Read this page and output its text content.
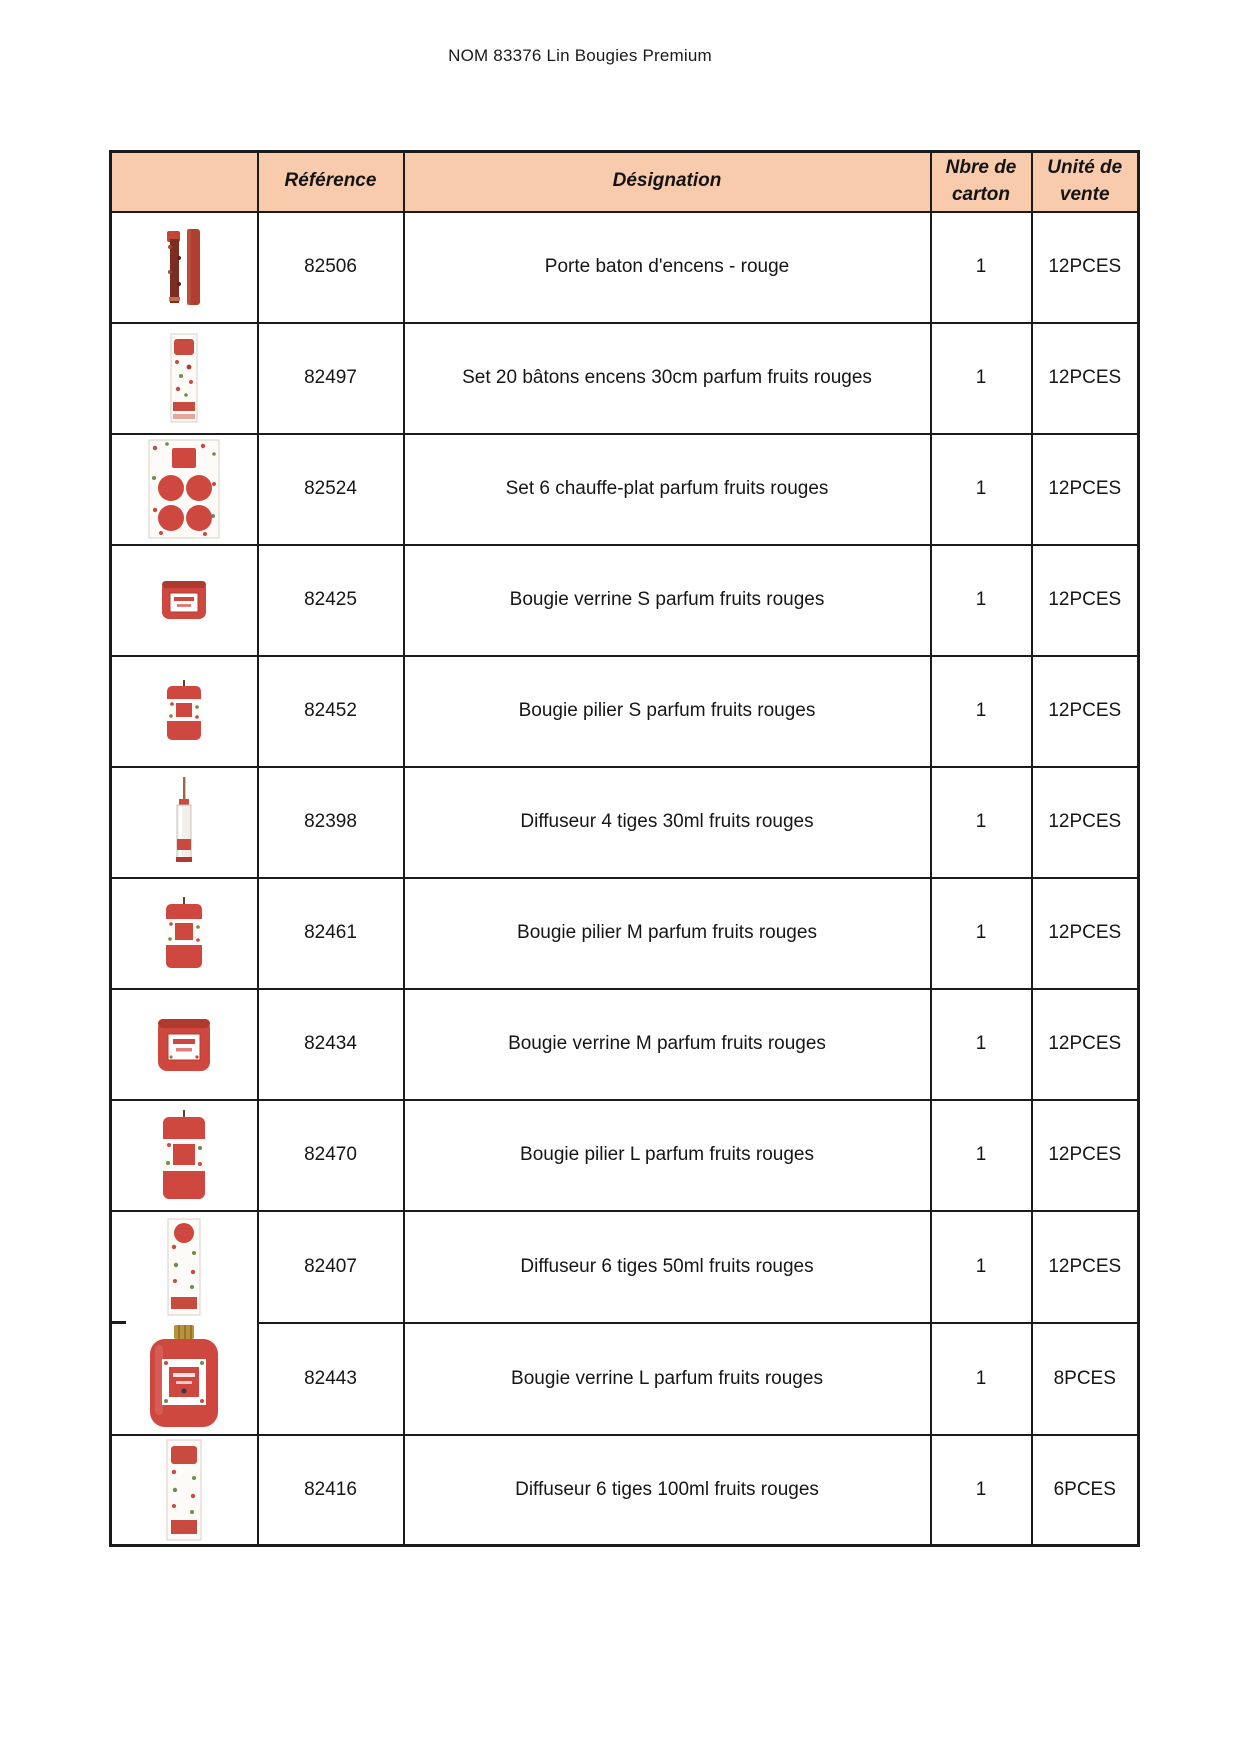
NOM 83376 Lin Bougies Premium
	Référence	Désignation	Nbre de carton	Unité de vente

	82506	Porte baton d'encens - rouge	1	12PCES

	82497	Set 20 bâtons encens 30cm parfum fruits rouges	1	12PCES

	82524	Set 6 chauffe-plat parfum fruits rouges	1	12PCES

	82425	Bougie verrine S parfum fruits rouges	1	12PCES

	82452	Bougie pilier S parfum fruits rouges	1	12PCES

	82398	Diffuseur 4 tiges 30ml fruits rouges	1	12PCES

	82461	Bougie pilier M parfum fruits rouges	1	12PCES

	82434	Bougie verrine M parfum fruits rouges	1	12PCES

	82470	Bougie pilier L parfum fruits rouges	1	12PCES

	82407	Diffuseur 6 tiges 50ml fruits rouges	1	12PCES
	82443	Bougie verrine L parfum fruits rouges	1	8PCES

	82416	Diffuseur 6 tiges 100ml fruits rouges	1	6PCES
